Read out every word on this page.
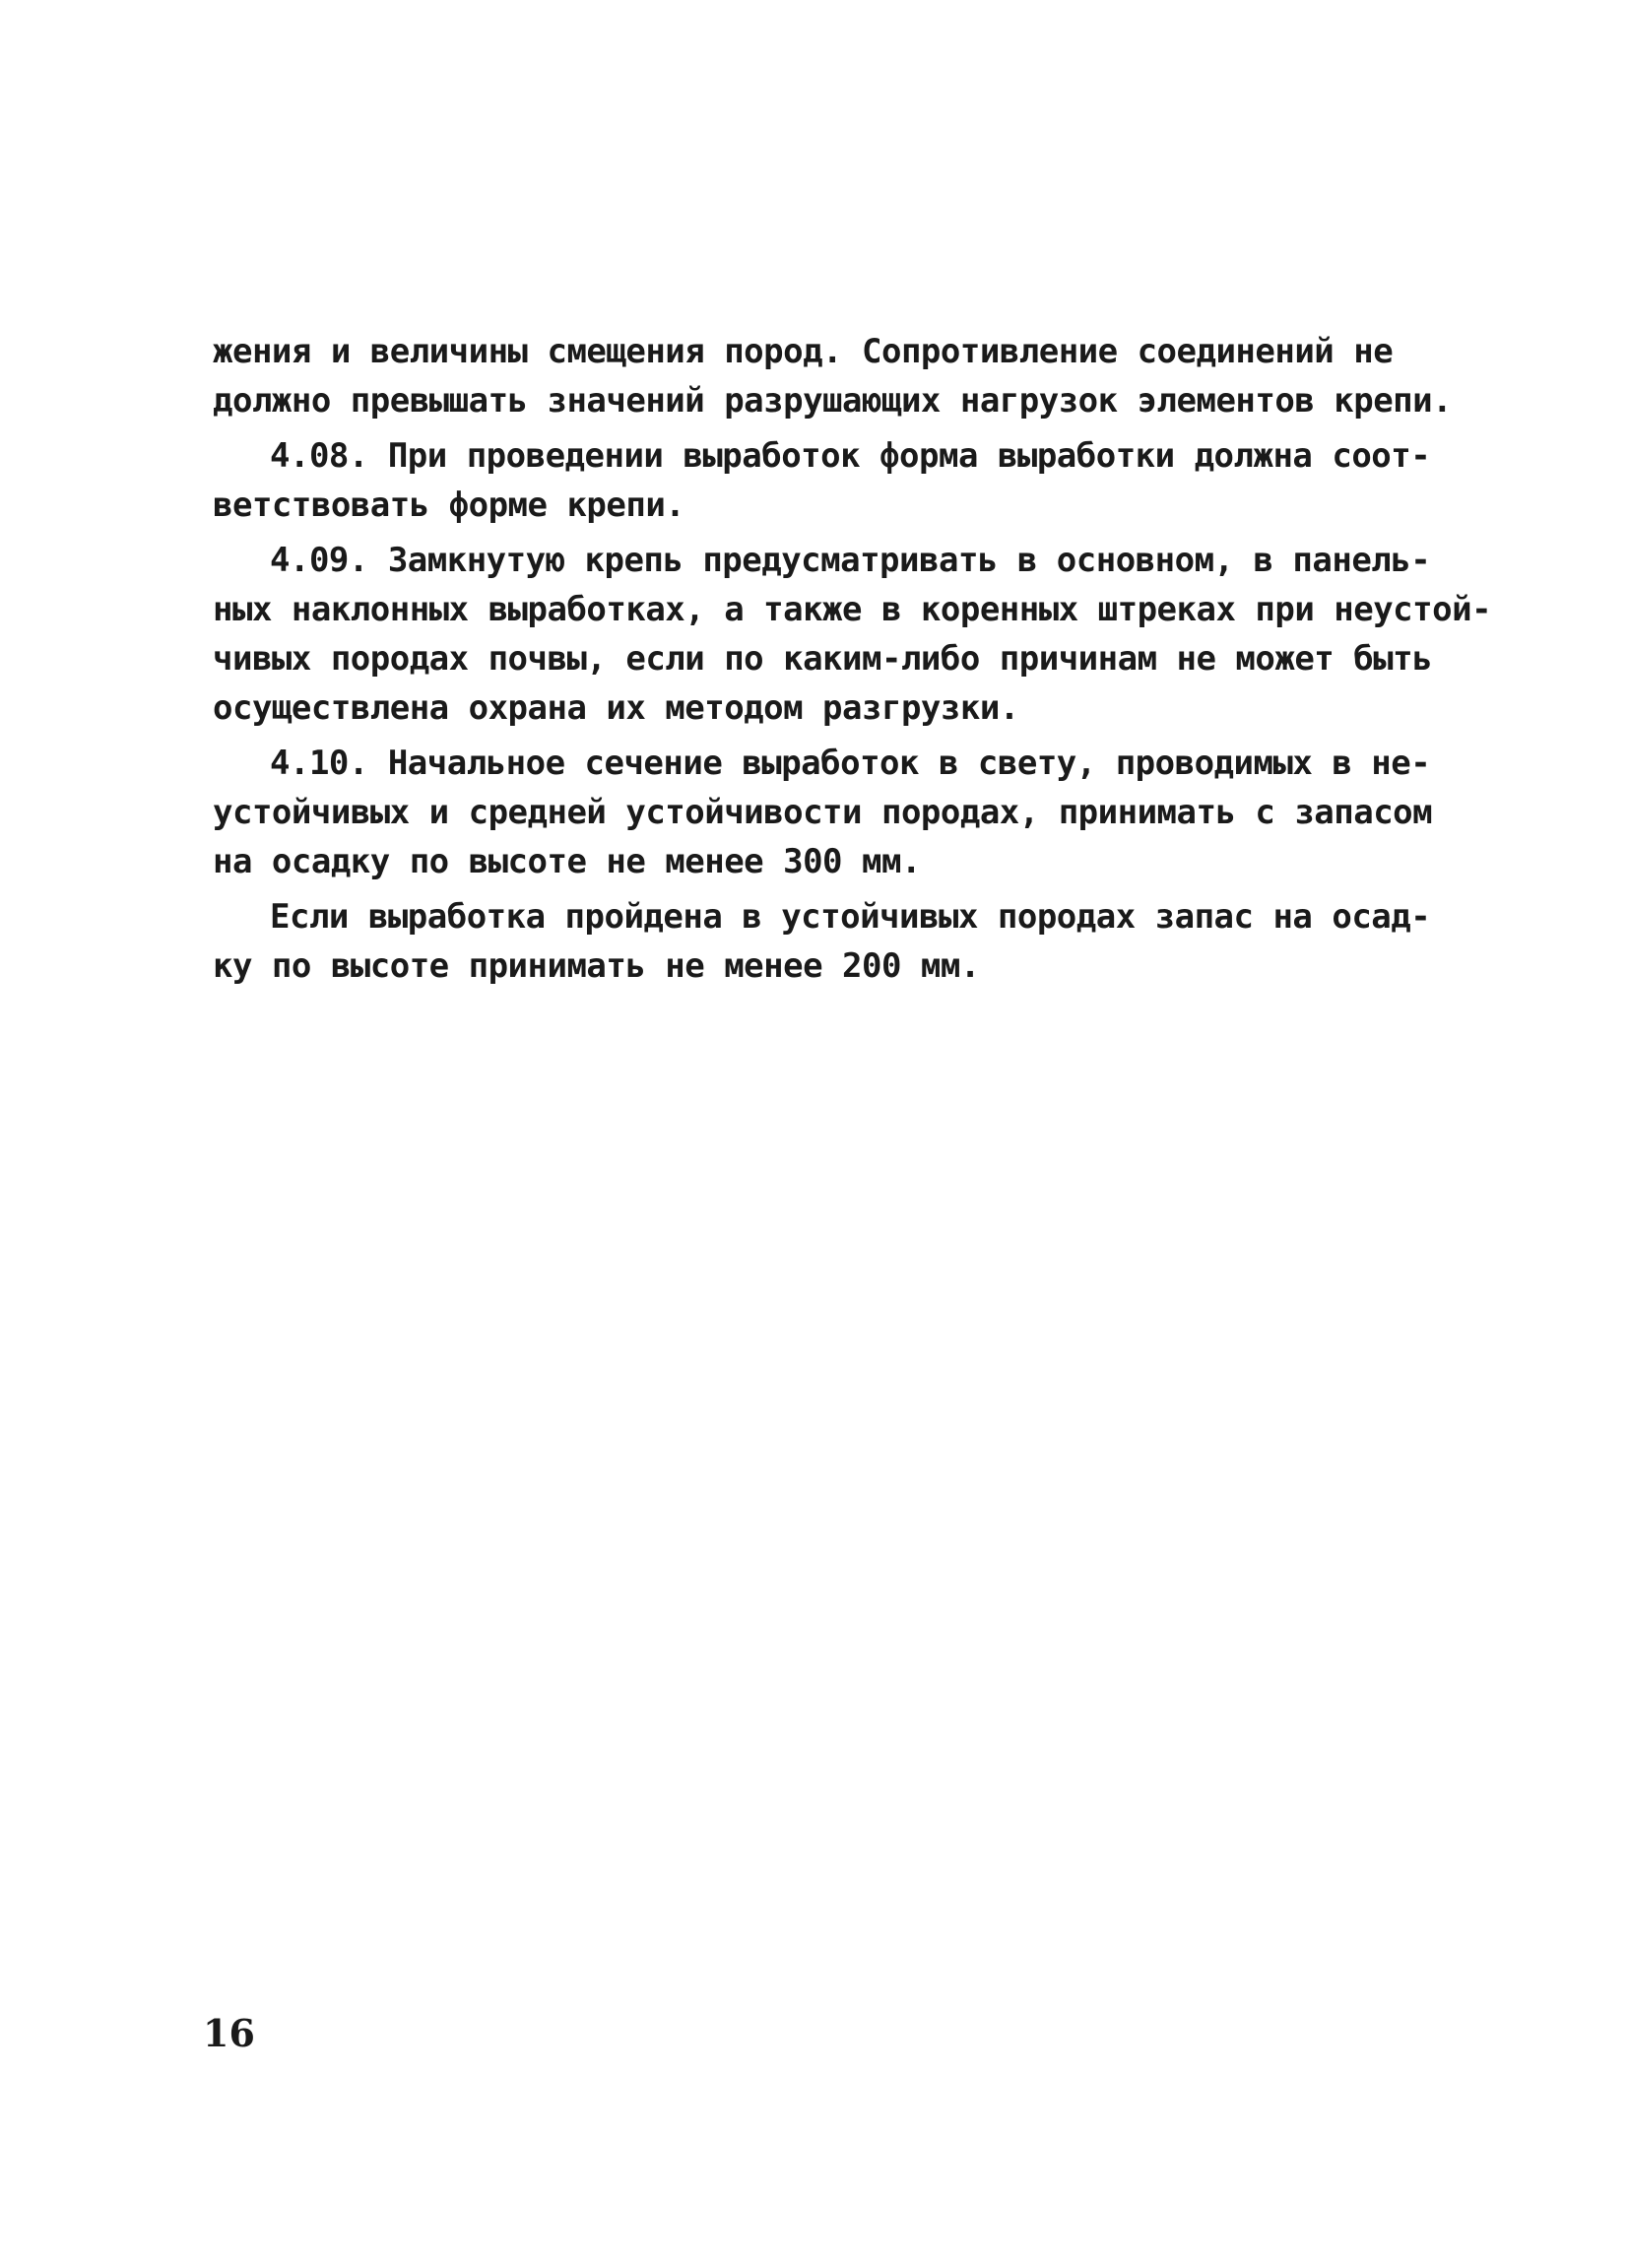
жения и величины смещения пород. Сопротивление соединений не
должно превышать значений разрушающих нагрузок элементов крепи.
4.08. При проведении выработок форма выработки должна соот-
ветствовать форме крепи.
4.09. Замкнутую крепь предусматривать в основном, в панель-
ных наклонных выработках, а также в коренных штреках при неустой-
чивых породах почвы, если по каким-либо причинам не может быть
осуществлена охрана их методом разгрузки.
4.10. Начальное сечение выработок в свету, проводимых в не-
устойчивых и средней устойчивости породах, принимать с запасом
на осадку по высоте не менее 300 мм.
Если выработка пройдена в устойчивых породах запас на осад-
ку по высоте принимать не менее 200 мм.
16
